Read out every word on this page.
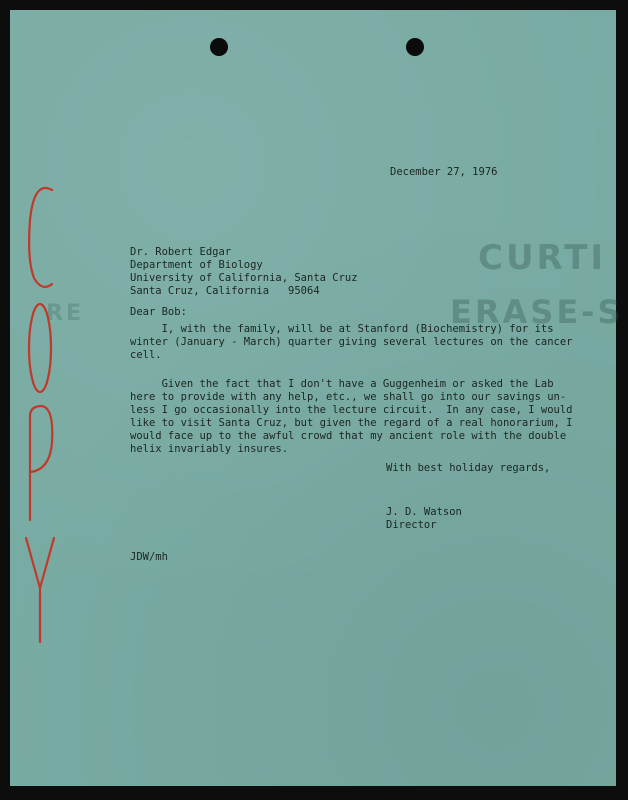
CURTI
ERASE-S
RE

December 27, 1976

Dr. Robert Edgar
Department of Biology
University of California, Santa Cruz
Santa Cruz, California   95064

Dear Bob:

I, with the family, will be at Stanford (Biochemistry) for its
winter (January - March) quarter giving several lectures on the cancer
cell.

Given the fact that I don't have a Guggenheim or asked the Lab
here to provide with any help, etc., we shall go into our savings un-
less I go occasionally into the lecture circuit.  In any case, I would
like to visit Santa Cruz, but given the regard of a real honorarium, I
would face up to the awful crowd that my ancient role with the double
helix invariably insures.

With best holiday regards,

J. D. Watson
Director

JDW/mh
